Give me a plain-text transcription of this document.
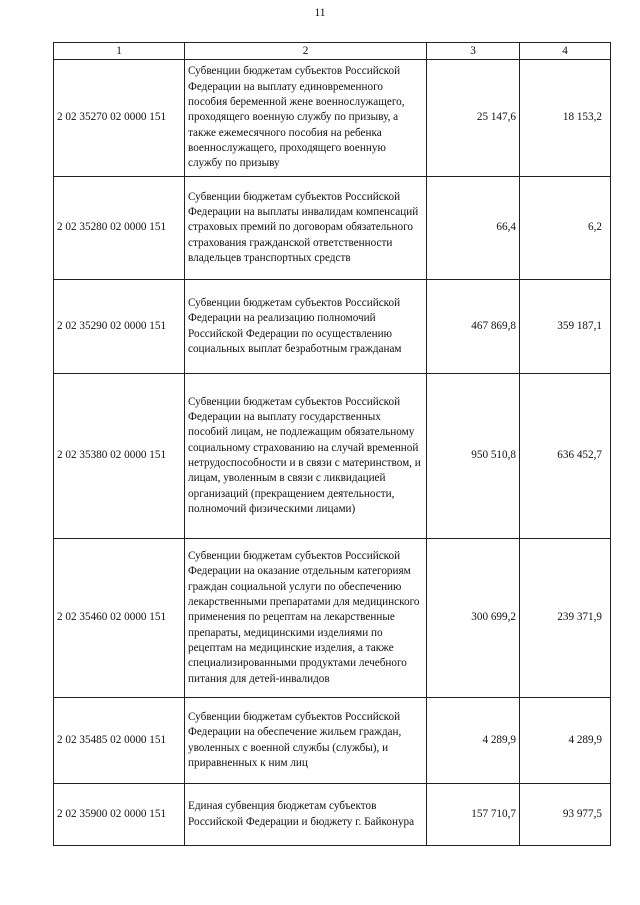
11
1	2	3	4
2 02 35270 02 0000 151	Субвенции бюджетам субъектов Российской Федерации на выплату единовременного пособия беременной жене военнослужащего, проходящего военную службу по призыву, а также ежемесячного пособия на ребенка военнослужащего, проходящего военную службу по призыву	25 147,6	18 153,2
2 02 35280 02 0000 151	Субвенции бюджетам субъектов Российской Федерации на выплаты инвалидам компенсаций страховых премий по договорам обязательного страхования гражданской ответственности владельцев транспортных средств	66,4	6,2
2 02 35290 02 0000 151	Субвенции бюджетам субъектов Российской Федерации на реализацию полномочий Российской Федерации по осуществлению социальных выплат безработным гражданам	467 869,8	359 187,1
2 02 35380 02 0000 151	Субвенции бюджетам субъектов Российской Федерации на выплату государственных пособий лицам, не подлежащим обязательному социальному страхованию на случай временной нетрудоспособности и в связи с материнством, и лицам, уволенным в связи с ликвидацией организаций (прекращением деятельности, полномочий физическими лицами)	950 510,8	636 452,7
2 02 35460 02 0000 151	Субвенции бюджетам субъектов Российской Федерации на оказание отдельным категориям граждан социальной услуги по обеспечению лекарственными препаратами для медицинского применения по рецептам на лекарственные препараты, медицинскими изделиями по рецептам на медицинские изделия, а также специализированными продуктами лечебного питания для детей-инвалидов	300 699,2	239 371,9
2 02 35485 02 0000 151	Субвенции бюджетам субъектов Российской Федерации на обеспечение жильем граждан, уволенных с военной службы (службы), и приравненных к ним лиц	4 289,9	4 289,9
2 02 35900 02 0000 151	Единая субвенция бюджетам субъектов Российской Федерации и бюджету г. Байконура	157 710,7	93 977,5
